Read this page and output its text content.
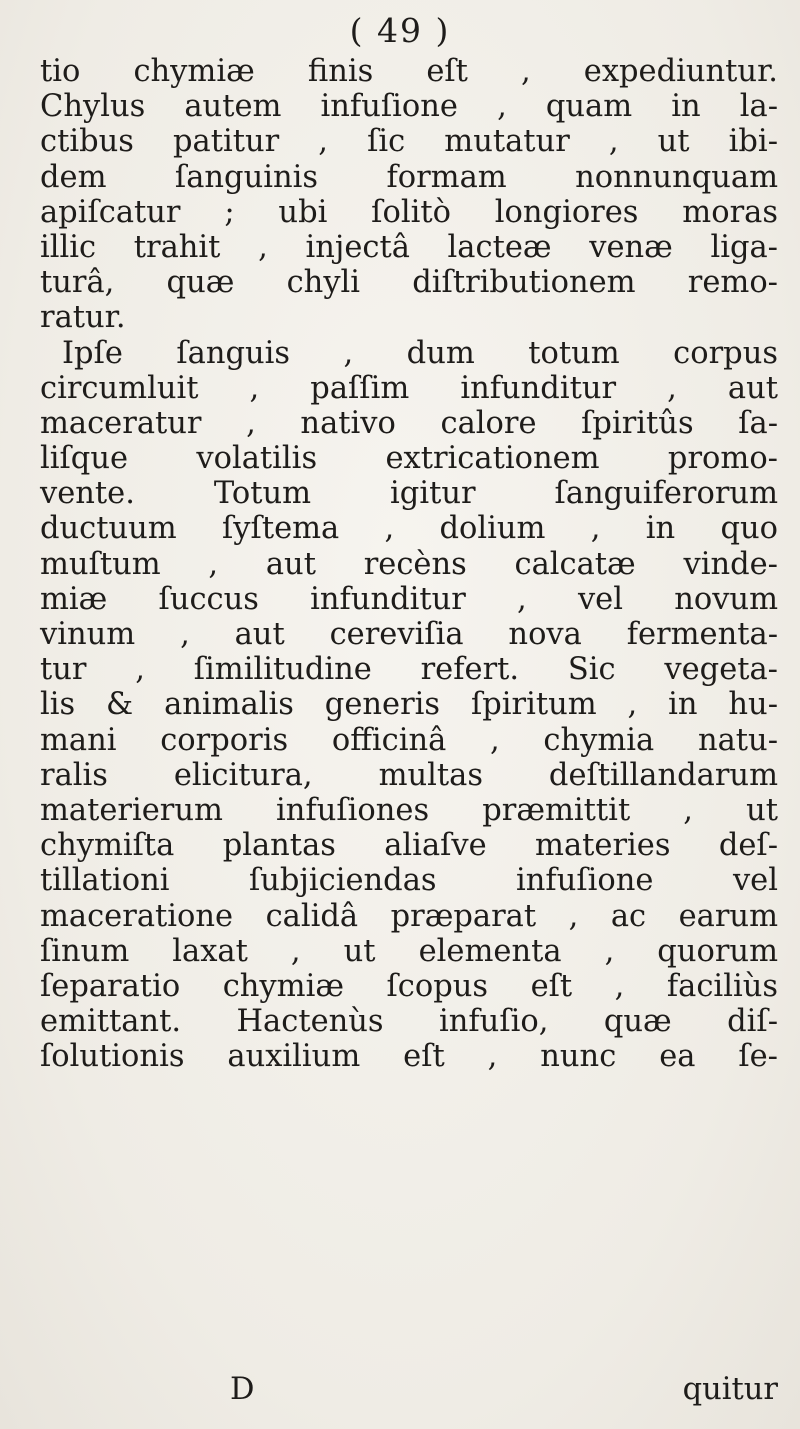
( 49 )
tio chymiæ finis eſt , expediuntur.
Chylus autem infuſione , quam in la-
ctibus patitur , ſic mutatur , ut ibi-
dem ſanguinis formam nonnunquam
apiſcatur ; ubi ſolitò longiores moras
illic trahit , injectâ lacteæ venæ liga-
turâ, quæ chyli diſtributionem remo-
ratur.
Ipſe ſanguis , dum totum corpus
circumluit , paſſim infunditur , aut
maceratur , nativo calore ſpiritûs ſa-
liſque volatilis extricationem promo-
vente. Totum igitur ſanguiferorum
ductuum ſyſtema , dolium , in quo
muſtum , aut recèns calcatæ vinde-
miæ ſuccus infunditur , vel novum
vinum , aut cereviſia nova fermenta-
tur , ſimilitudine refert. Sic vegeta-
lis & animalis generis ſpiritum , in hu-
mani corporis officinâ , chymia natu-
ralis elicitura, multas deſtillandarum
materierum infuſiones præmittit , ut
chymiſta plantas aliaſve materies deſ-
tillationi ſubjiciendas infuſione vel
maceratione calidâ præparat , ac earum
ſinum laxat , ut elementa , quorum
ſeparatio chymiæ ſcopus eſt , faciliùs
emittant. Hactenùs infuſio, quæ diſ-
ſolutionis auxilium eſt , nunc ea ſe-
D	quitur
